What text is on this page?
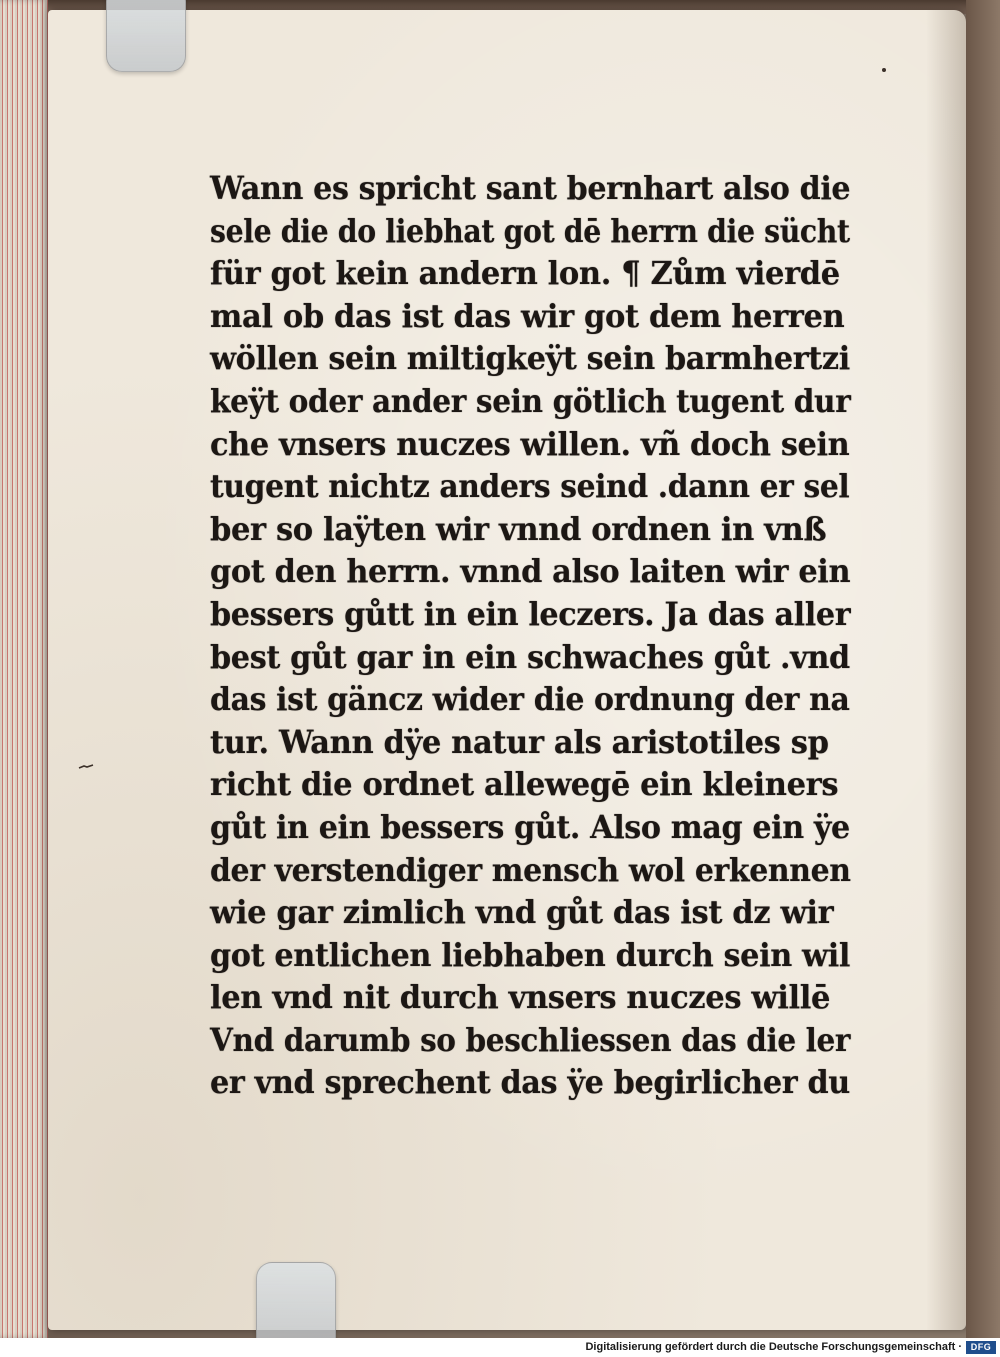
Wann es spricht sant bernhart also die
sele die do liebhat got dē herrn die sücht
für got kein andern lon. ¶ Zům vierdē
mal ob das ist das wir got dem herren
wöllen sein miltigkeÿt sein barmhertzi
keÿt oder ander sein götlich tugent dur
che vnsers nuczes willen. vñ doch sein
tugent nichtz anders seind .dann er sel
ber so laÿten wir vnnd ordnen in vnß
got den herrn. vnnd also laiten wir ein
bessers gůtt in ein leczers. Ja das aller
best gůt gar in ein schwaches gůt .vnd
das ist gäncz wider die ordnung der na
tur. Wann dÿe natur als aristotiles sp
richt die ordnet allewegē ein kleiners
gůt in ein bessers gůt. Also mag ein ÿe
der verstendiger mensch wol erkennen
wie gar zimlich vnd gůt das ist dz wir
got entlichen liebhaben durch sein wil
len vnd nit durch vnsers nuczes willē
Vnd darumb so beschliessen das die ler
er vnd sprechent das ÿe begirlicher du
Digitalisierung gefördert durch die Deutsche Forschungsgemeinschaft · DFG
